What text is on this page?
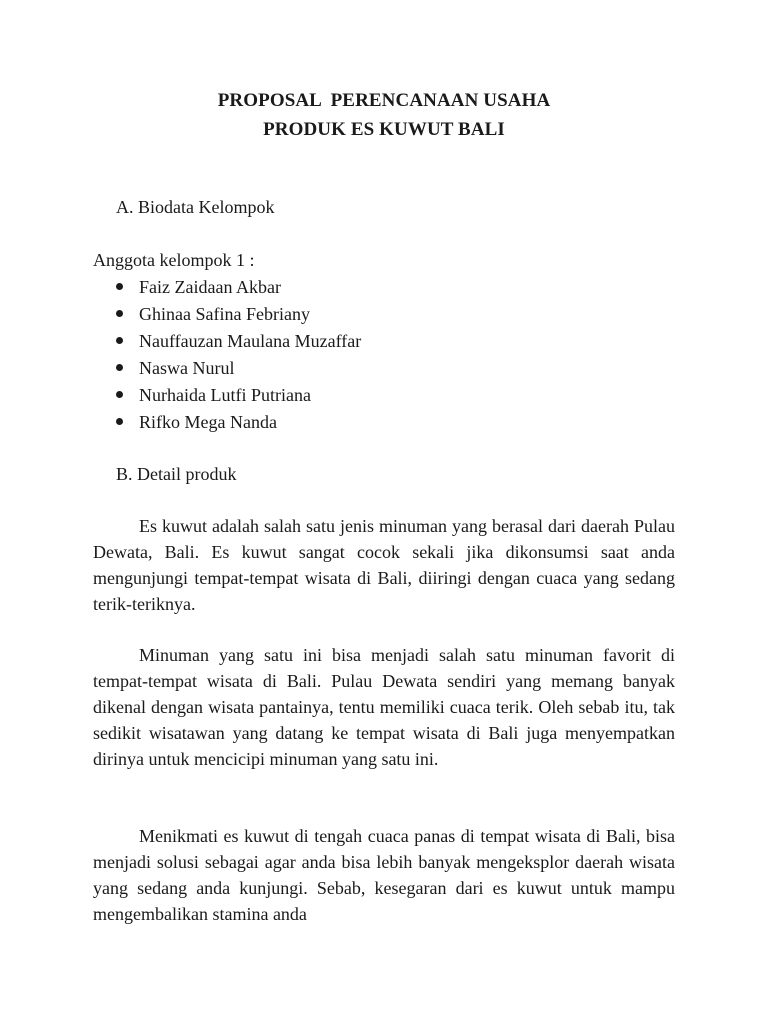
PROPOSAL  PERENCANAAN USAHA
PRODUK ES KUWUT BALI
A. Biodata Kelompok
Anggota kelompok 1 :
Faiz Zaidaan Akbar
Ghinaa Safina Febriany
Nauffauzan Maulana Muzaffar
Naswa Nurul
Nurhaida Lutfi Putriana
Rifko Mega Nanda
B. Detail produk

Es kuwut adalah salah satu jenis minuman yang berasal dari daerah Pulau Dewata, Bali. Es kuwut sangat cocok sekali jika dikonsumsi saat anda mengunjungi tempat-tempat wisata di Bali, diiringi dengan cuaca yang sedang terik-teriknya.

Minuman yang satu ini bisa menjadi salah satu minuman favorit di tempat-tempat wisata di Bali. Pulau Dewata sendiri yang memang banyak dikenal dengan wisata pantainya, tentu memiliki cuaca terik. Oleh sebab itu, tak sedikit wisatawan yang datang ke tempat wisata di Bali juga menyempatkan dirinya untuk mencicipi minuman yang satu ini.

Menikmati es kuwut di tengah cuaca panas di tempat wisata di Bali, bisa menjadi solusi sebagai agar anda bisa lebih banyak mengeksplor daerah wisata yang sedang anda kunjungi. Sebab, kesegaran dari es kuwut untuk mampu mengembalikan stamina anda
